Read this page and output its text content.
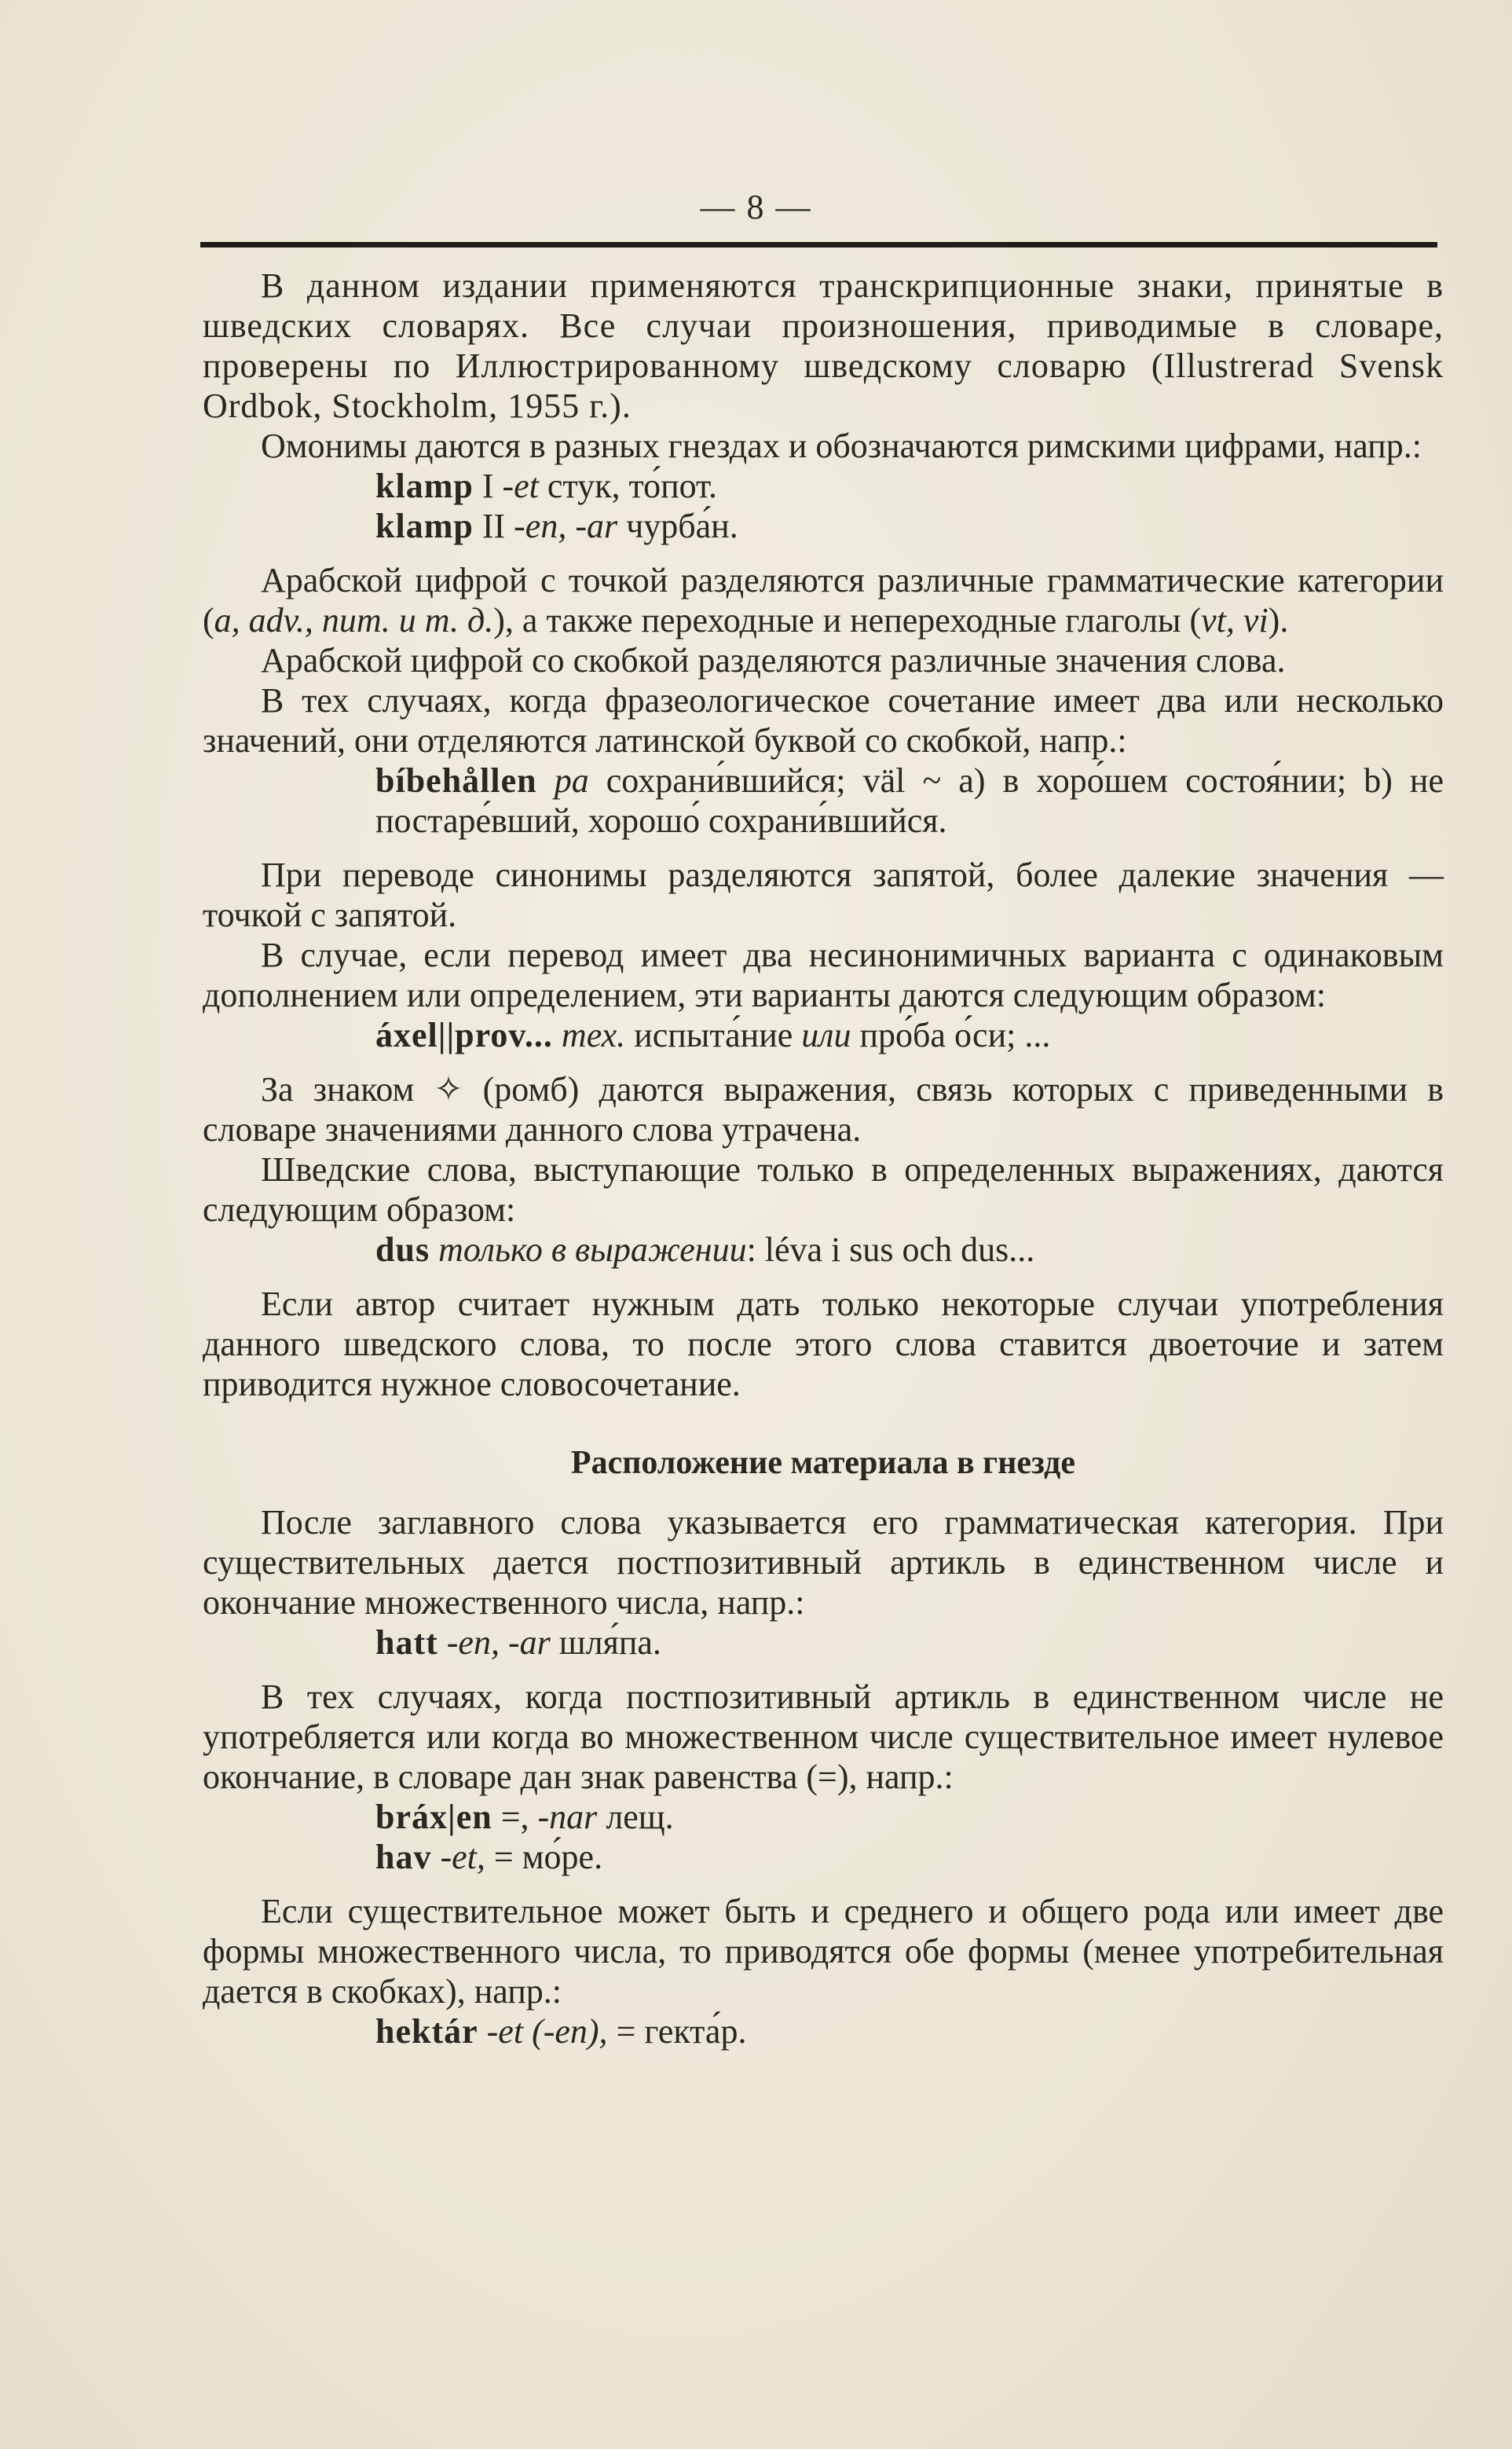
— 8 —

В данном издании применяются транскрипционные знаки, принятые в шведских словарях. Все случаи произношения, приводимые в словаре, проверены по Иллюстрированному шведскому словарю (Illustrerad Svensk Ordbok, Stockholm, 1955 г.).

Омонимы даются в разных гнездах и обозначаются римскими цифрами, напр.:

klamp I -et стук, то́пот.

klamp II -en, -ar чурба́н.

Арабской цифрой с точкой разделяются различные грамматические категории (a, adv., num. и т. д.), а также переходные и непереходные глаголы (vt, vi).

Арабской цифрой со скобкой разделяются различные значения слова.

В тех случаях, когда фразеологическое сочетание имеет два или несколько значений, они отделяются латинской буквой со скобкой, напр.:

bíbehållen pa сохрани́вшийся; väl ~ a) в хоро́шем состоя́нии; b) не постаре́вший, хорошо́ сохрани́вшийся.

При переводе синонимы разделяются запятой, более далекие значения — точкой с запятой.

В случае, если перевод имеет два несинонимичных варианта с одинаковым дополнением или определением, эти варианты даются следующим образом:

áxel||prov... тех. испыта́ние или про́ба о́си; ...

За знаком ✧ (ромб) даются выражения, связь которых с приведенными в словаре значениями данного слова утрачена.

Шведские слова, выступающие только в определенных выражениях, даются следующим образом:

dus только в выражении: léva i sus och dus...

Если автор считает нужным дать только некоторые случаи употребления данного шведского слова, то после этого слова ставится двоеточие и затем приводится нужное словосочетание.

Расположение материала в гнезде

После заглавного слова указывается его грамматическая категория. При существительных дается постпозитивный артикль в единственном числе и окончание множественного числа, напр.:

hatt -en, -ar шля́па.

В тех случаях, когда постпозитивный артикль в единственном числе не употребляется или когда во множественном числе существительное имеет нулевое окончание, в словаре дан знак равенства (=), напр.:

bráx|en =, -nar лещ.

hav -et, = мо́ре.

Если существительное может быть и среднего и общего рода или имеет две формы множественного числа, то приводятся обе формы (менее употребительная дается в скобках), напр.:

hektár -et (-en), = гекта́р.
